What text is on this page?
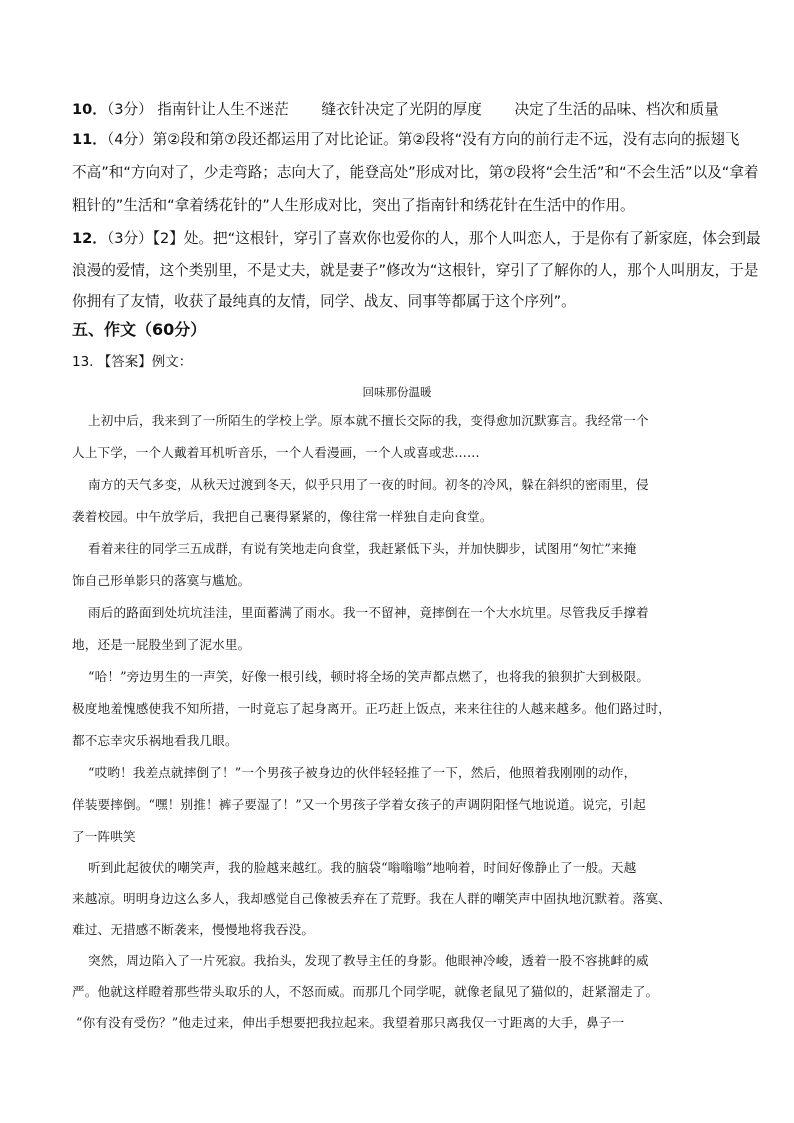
10．（3分） 指南针让人生不迷茫 缝衣针决定了光阴的厚度 决定了生活的品味、档次和质量
11．（4分）第②段和第⑦段还都运用了对比论证。第②段将“没有方向的前行走不远，没有志向的振翅飞
不高”和“方向对了，少走弯路；志向大了，能登高处”形成对比，第⑦段将“会生活”和“不会生活”以及“拿着
粗针的”生活和“拿着绣花针的”人生形成对比，突出了指南针和绣花针在生活中的作用。
12．（3分）【2】处。把“这根针，穿引了喜欢你也爱你的人，那个人叫恋人，于是你有了新家庭，体会到最
浪漫的爱情，这个类别里，不是丈夫，就是妻子”修改为“这根针，穿引了了解你的人，那个人叫朋友，于是
你拥有了友情，收获了最纯真的友情，同学、战友、同事等都属于这个序列”。
五、作文（60分）
13. 【答案】例文：
回味那份温暖
上初中后，我来到了一所陌生的学校上学。原本就不擅长交际的我，变得愈加沉默寡言。我经常一个
人上下学，一个人戴着耳机听音乐，一个人看漫画，一个人或喜或悲……
南方的天气多变，从秋天过渡到冬天，似乎只用了一夜的时间。初冬的冷风，躲在斜织的密雨里，侵
袭着校园。中午放学后，我把自己裹得紧紧的，像往常一样独自走向食堂。
看着来往的同学三五成群，有说有笑地走向食堂，我赶紧低下头，并加快脚步，试图用“匆忙”来掩
饰自己形单影只的落寞与尴尬。
雨后的路面到处坑坑洼洼，里面蓄满了雨水。我一不留神，竟摔倒在一个大水坑里。尽管我反手撑着
地，还是一屁股坐到了泥水里。
“哈！”旁边男生的一声笑，好像一根引线，顿时将全场的笑声都点燃了，也将我的狼狈扩大到极限。
极度地羞愧感使我不知所措，一时竟忘了起身离开。正巧赶上饭点，来来往往的人越来越多。他们路过时，
都不忘幸灾乐祸地看我几眼。
“哎哟！我差点就摔倒了！”一个男孩子被身边的伙伴轻轻推了一下，然后，他照着我刚刚的动作，
佯装要摔倒。“嘿！别推！裤子要湿了！”又一个男孩子学着女孩子的声调阴阳怪气地说道。说完，引起
了一阵哄笑
听到此起彼伏的嘲笑声，我的脸越来越红。我的脑袋“嗡嗡嗡”地响着，时间好像静止了一般。天越
来越凉。明明身边这么多人，我却感觉自己像被丢弃在了荒野。我在人群的嘲笑声中固执地沉默着。落寞、
难过、无措感不断袭来，慢慢地将我吞没。
突然，周边陷入了一片死寂。我抬头，发现了教导主任的身影。他眼神冷峻，透着一股不容挑衅的威
严。他就这样瞪着那些带头取乐的人，不怒而威。而那几个同学呢，就像老鼠见了猫似的，赶紧溜走了。
“你有没有受伤？”他走过来，伸出手想要把我拉起来。我望着那只离我仅一寸距离的大手，鼻子一
